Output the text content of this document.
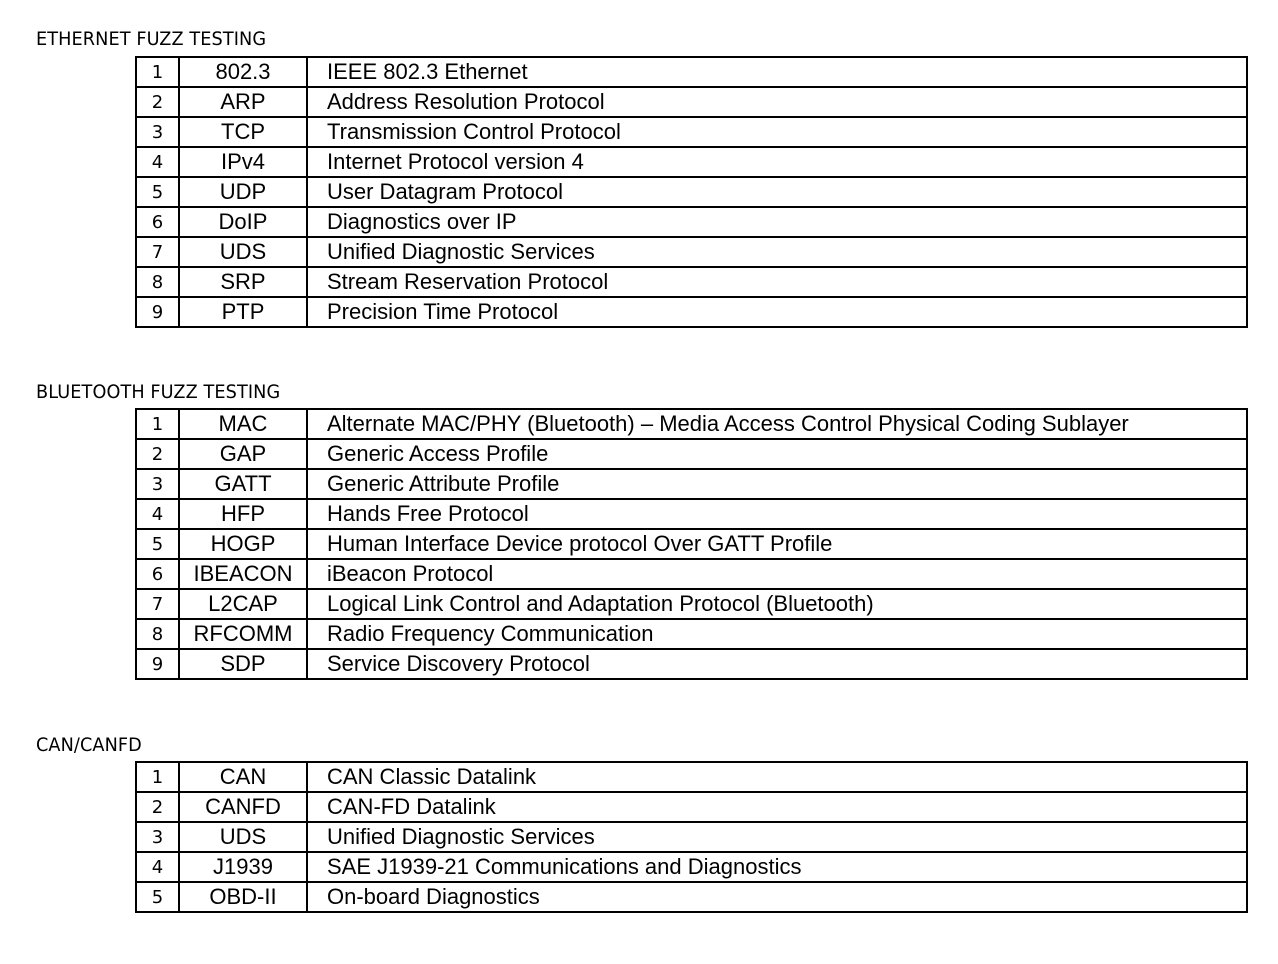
ETHERNET FUZZ TESTING
1	802.3	IEEE 802.3 Ethernet
2	ARP	Address Resolution Protocol
3	TCP	Transmission Control Protocol
4	IPv4	Internet Protocol version 4
5	UDP	User Datagram Protocol
6	DoIP	Diagnostics over IP
7	UDS	Unified Diagnostic Services
8	SRP	Stream Reservation Protocol
9	PTP	Precision Time Protocol
BLUETOOTH FUZZ TESTING
1	MAC	Alternate MAC/PHY (Bluetooth) – Media Access Control Physical Coding Sublayer
2	GAP	Generic Access Profile
3	GATT	Generic Attribute Profile
4	HFP	Hands Free Protocol
5	HOGP	Human Interface Device protocol Over GATT Profile
6	IBEACON	iBeacon Protocol
7	L2CAP	Logical Link Control and Adaptation Protocol (Bluetooth)
8	RFCOMM	Radio Frequency Communication
9	SDP	Service Discovery Protocol
CAN/CANFD
1	CAN	CAN Classic Datalink
2	CANFD	CAN-FD Datalink
3	UDS	Unified Diagnostic Services
4	J1939	SAE J1939-21 Communications and Diagnostics
5	OBD-II	On-board Diagnostics
